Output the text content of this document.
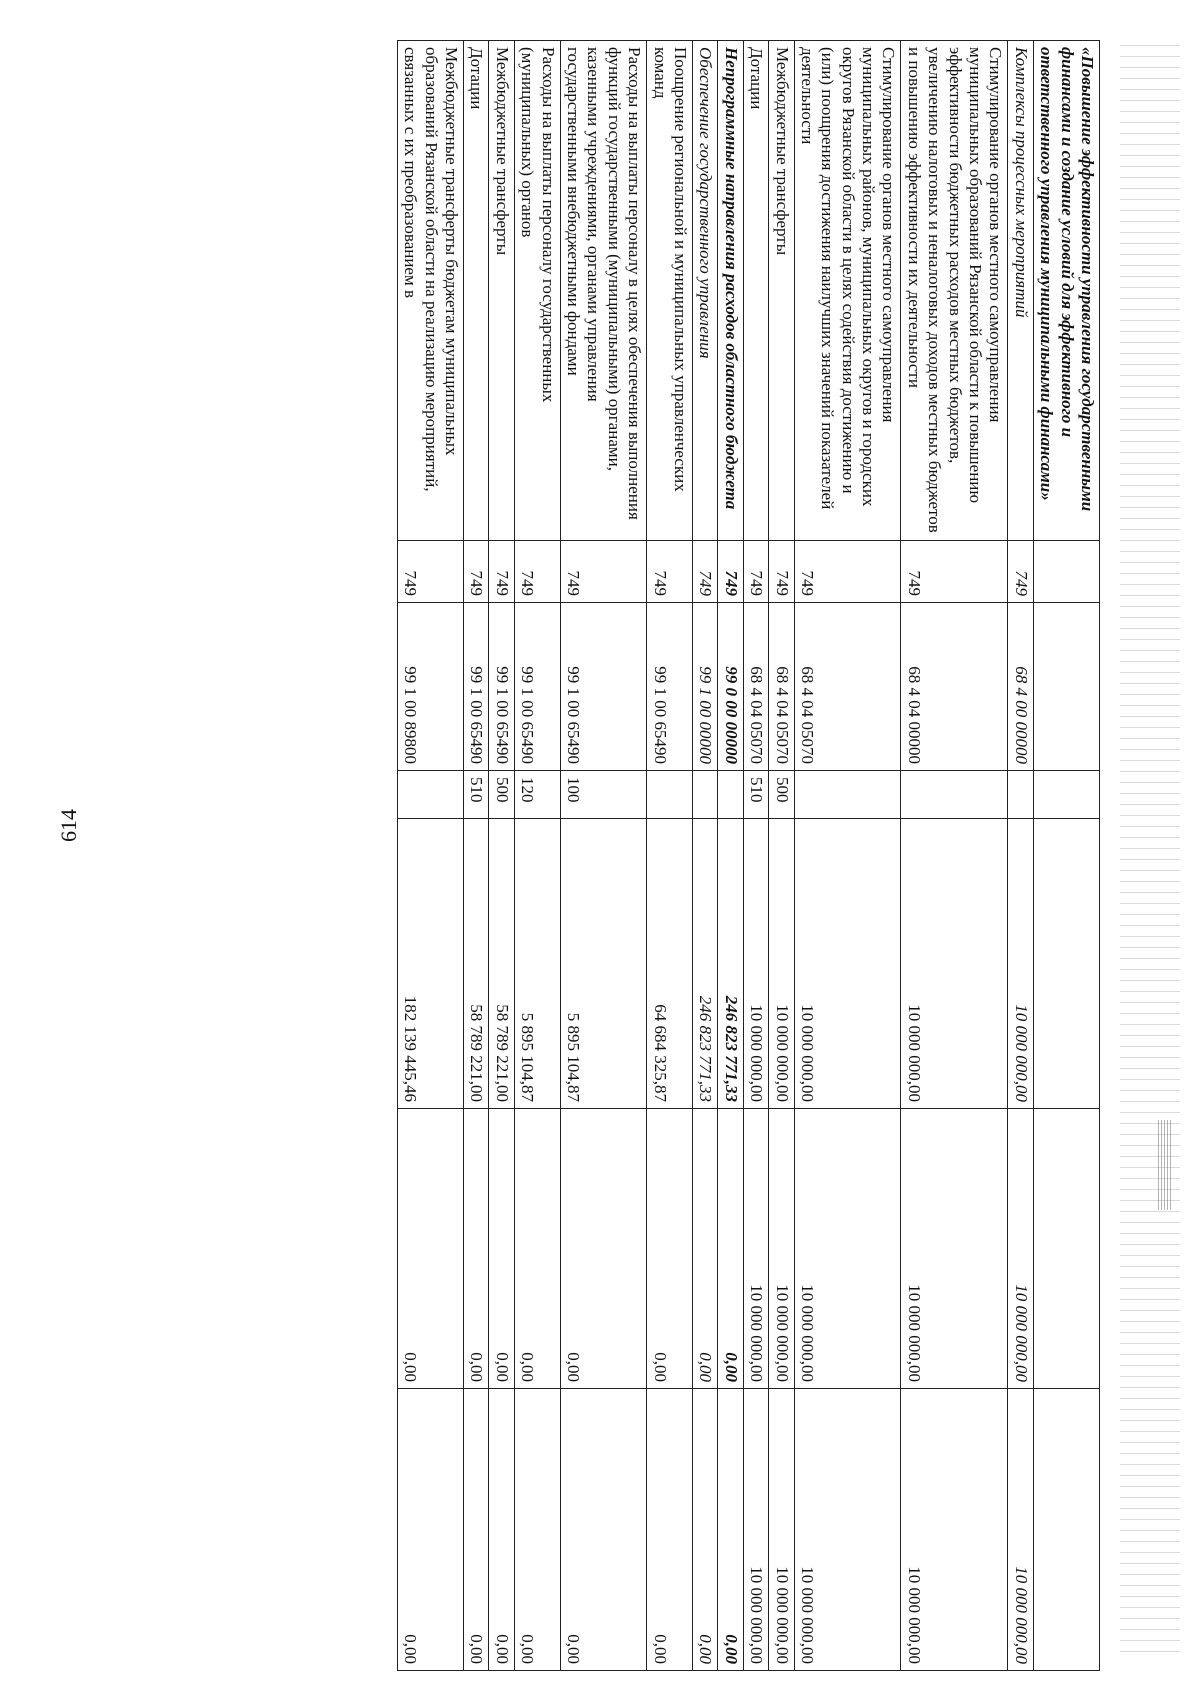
614
«Повышение эффективности управления государственными финансами и создание условий для эффективного и ответственного управления муниципальными финансами»						
Комплексы процессных мероприятий	749	68 4 00 00000		10 000 000,00	10 000 000,00	10 000 000,00
Стимулирование органов местного самоуправления муниципальных образований Рязанской области к повышению эффективности бюджетных расходов местных бюджетов, увеличению налоговых и неналоговых доходов местных бюджетов и повышению эффективности их деятельности	749	68 4 04 00000		10 000 000,00	10 000 000,00	10 000 000,00
Стимулирование органов местного самоуправления муниципальных районов, муниципальных округов и городских округов Рязанской области в целях содействия достижению и (или) поощрения достижения наилучших значений показателей деятельности	749	68 4 04 05070		10 000 000,00	10 000 000,00	10 000 000,00
Межбюджетные трансферты	749	68 4 04 05070	500	10 000 000,00	10 000 000,00	10 000 000,00
Дотации	749	68 4 04 05070	510	10 000 000,00	10 000 000,00	10 000 000,00
Непрограммные направления расходов областного бюджета	749	99 0 00 00000		246 823 771,33	0,00	0,00
Обеспечение государственного управления	749	99 1 00 00000		246 823 771,33	0,00	0,00
Поощрение региональной и муниципальных управленческих команд	749	99 1 00 65490		64 684 325,87	0,00	0,00
Расходы на выплаты персоналу в целях обеспечения выполнения функций государственными (муниципальными) органами, казенными учреждениями, органами управления государственными внебюджетными фондами	749	99 1 00 65490	100	5 895 104,87	0,00	0,00
Расходы на выплаты персоналу государственных (муниципальных) органов	749	99 1 00 65490	120	5 895 104,87	0,00	0,00
Межбюджетные трансферты	749	99 1 00 65490	500	58 789 221,00	0,00	0,00
Дотации	749	99 1 00 65490	510	58 789 221,00	0,00	0,00
Межбюджетные трансферты бюджетам муниципальных образований Рязанской области на реализацию мероприятий, связанных с их преобразованием в	749	99 1 00 89800		182 139 445,46	0,00	0,00
